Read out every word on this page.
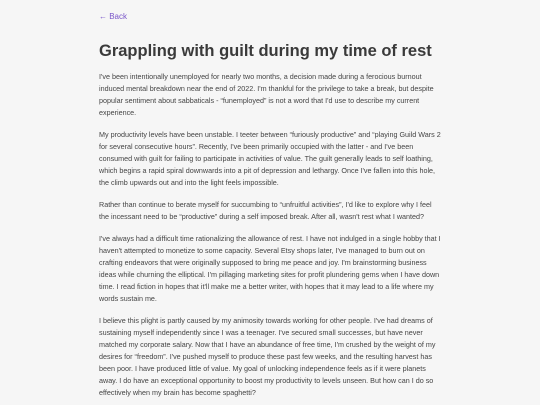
← Back
Grappling with guilt during my time of rest

I've been intentionally unemployed for nearly two months, a decision made during a ferocious burnout induced mental breakdown near the end of 2022. I'm thankful for the privilege to take a break, but despite popular sentiment about sabbaticals - “funemployed” is not a word that I'd use to describe my current experience.

My productivity levels have been unstable. I teeter between “furiously productive” and “playing Guild Wars 2 for several consecutive hours”. Recently, I've been primarily occupied with the latter - and I've been consumed with guilt for failing to participate in activities of value. The guilt generally leads to self loathing, which begins a rapid spiral downwards into a pit of depression and lethargy. Once I've fallen into this hole, the climb upwards out and into the light feels impossible.

Rather than continue to berate myself for succumbing to “unfruitful activities”, I'd like to explore why I feel the incessant need to be “productive” during a self imposed break. After all, wasn't rest what I wanted?

I've always had a difficult time rationalizing the allowance of rest. I have not indulged in a single hobby that I haven't attempted to monetize to some capacity. Several Etsy shops later, I've managed to burn out on crafting endeavors that were originally supposed to bring me peace and joy. I'm brainstorming business ideas while churning the elliptical. I'm pillaging marketing sites for profit plundering gems when I have down time. I read fiction in hopes that it'll make me a better writer, with hopes that it may lead to a life where my words sustain me.

I believe this plight is partly caused by my animosity towards working for other people. I've had dreams of sustaining myself independently since I was a teenager. I've secured small successes, but have never matched my corporate salary. Now that I have an abundance of free time, I'm crushed by the weight of my desires for “freedom”. I've pushed myself to produce these past few weeks, and the resulting harvest has been poor. I have produced little of value. My goal of unlocking independence feels as if it were planets away. I do have an exceptional opportunity to boost my productivity to levels unseen. But how can I do so effectively when my brain has become spaghetti?
